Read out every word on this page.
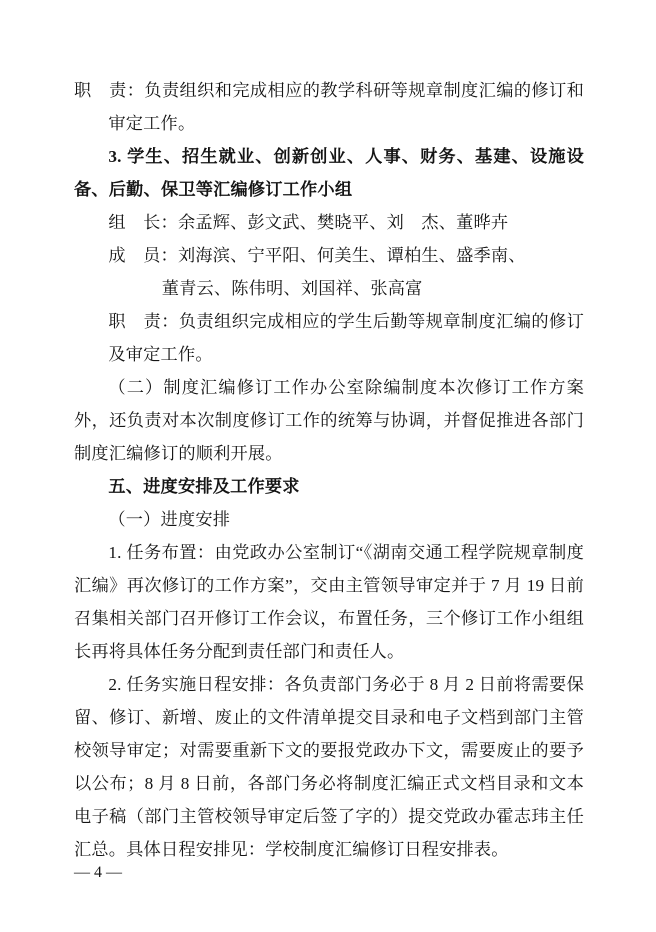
职　责：负责组织和完成相应的教学科研等规章制度汇编的修订和审定工作。

3. 学生、招生就业、创新创业、人事、财务、基建、设施设备、后勤、保卫等汇编修订工作小组

组　长：余孟辉、彭文武、樊晓平、刘　杰、董晔卉

成　员：刘海滨、宁平阳、何美生、谭柏生、盛季南、

董青云、陈伟明、刘国祥、张高富

职　责：负责组织完成相应的学生后勤等规章制度汇编的修订及审定工作。

（二）制度汇编修订工作办公室除编制度本次修订工作方案外，还负责对本次制度修订工作的统筹与协调，并督促推进各部门制度汇编修订的顺利开展。

五、进度安排及工作要求

（一）进度安排

1. 任务布置：由党政办公室制订“《湖南交通工程学院规章制度汇编》再次修订的工作方案”，交由主管领导审定并于 7 月 19 日前召集相关部门召开修订工作会议，布置任务，三个修订工作小组组长再将具体任务分配到责任部门和责任人。

2. 任务实施日程安排：各负责部门务必于 8 月 2 日前将需要保留、修订、新增、废止的文件清单提交目录和电子文档到部门主管校领导审定；对需要重新下文的要报党政办下文，需要废止的要予以公布；8 月 8 日前，各部门务必将制度汇编正式文档目录和文本电子稿（部门主管校领导审定后签了字的）提交党政办霍志玮主任汇总。具体日程安排见：学校制度汇编修订日程安排表。

— 4 —
